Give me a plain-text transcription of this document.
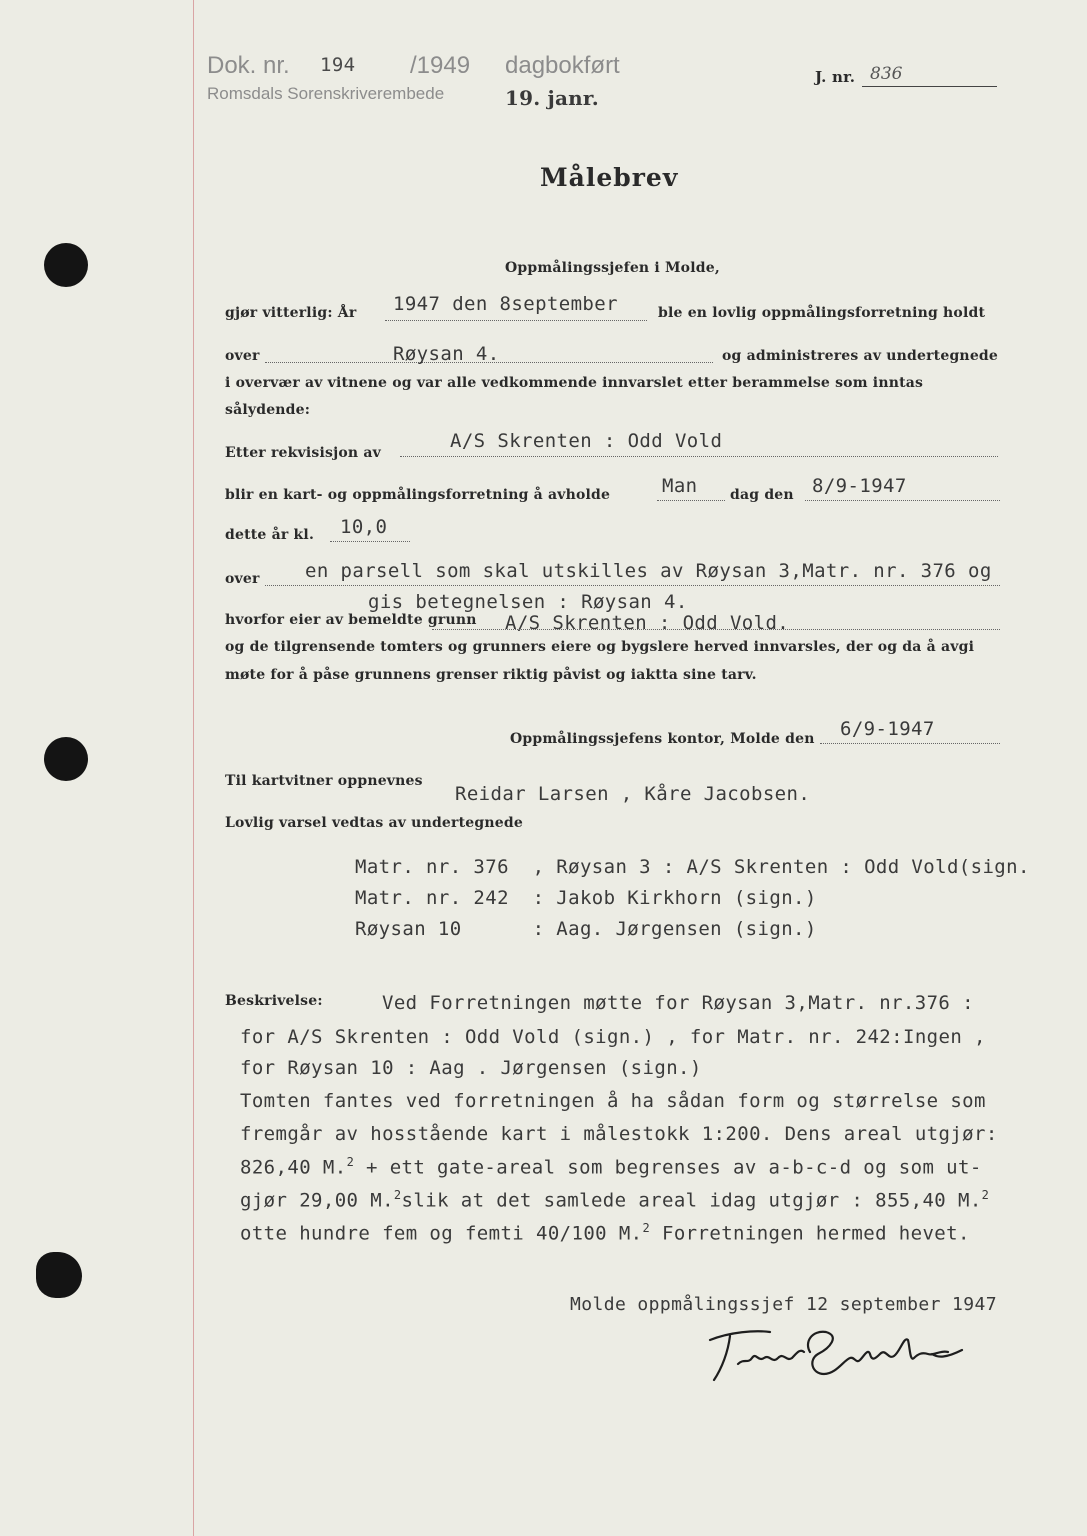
Dok. nr. 194 /1949 dagbokført
Romsdals Sorenskriverembede	19. janr.
J. nr. 836
Målebrev
Oppmålingssjefen i Molde,
gjør vitterlig: År 1947 den 8september	ble en lovlig oppmålingsforretning holdt
over	Røysan 4.	og administreres av undertegnede
i overvær av vitnene og var alle vedkommende innvarslet etter berammelse som inntas
sålydende:
Etter rekvisisjon av
A/S Skrenten : Odd Vold
blir en kart- og oppmålingsforretning å avholde	Man dag den 8/9-1947
dette år kl. 10,0
over en parsell som skal utskilles av Røysan 3,Matr. nr. 376 og
gis betegnelsen : Røysan 4.
hvorfor eier av bemeldte grunn A/S Skrenten : Odd Vold.
og de tilgrensende tomters og grunners eiere og bygslere herved innvarsles, der og da å avgi
møte for å påse grunnens grenser riktig påvist og iaktta sine tarv.
Oppmålingssjefens kontor, Molde den 6/9-1947
Til kartvitner oppnevnes
Reidar Larsen , Kåre Jacobsen.
Lovlig varsel vedtas av undertegnede
Matr. nr. 376  , Røysan 3 : A/S Skrenten : Odd Vold(sign.
Matr. nr. 242  : Jakob Kirkhorn (sign.)
Røysan 10      : Aag. Jørgensen (sign.)
Beskrivelse:	Ved Forretningen møtte for Røysan 3,Matr. nr.376 :
for A/S Skrenten : Odd Vold (sign.) , for Matr. nr. 242:Ingen ,
for Røysan 10 : Aag . Jørgensen (sign.)
Tomten fantes ved forretningen å ha sådan form og størrelse som
fremgår av hosstående kart i målestokk 1:200. Dens areal utgjør:
826,40 M.$^2$ + ett gate-areal som begrenses av a-b-c-d og som ut-
gjør 29,00 M.$^2$slik at det samlede areal idag utgjør : 855,40 M.$^2$
otte hundre fem og femti 40/100 M.$^2$ Forretningen hermed hevet.
Molde oppmålingssjef 12 september 1947
